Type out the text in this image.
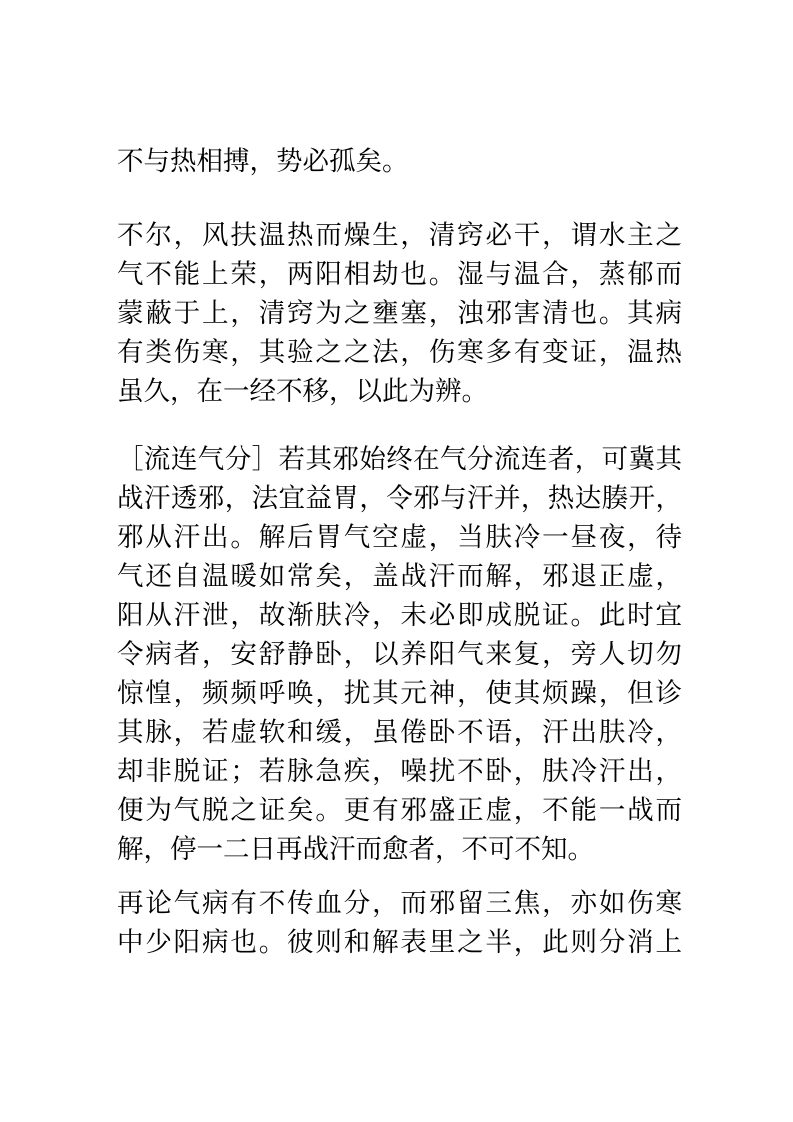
不与热相搏，势必孤矣。
不尔，风扶温热而燥生，清窍必干，谓水主之
气不能上荣，两阳相劫也。湿与温合，蒸郁而
蒙蔽于上，清窍为之壅塞，浊邪害清也。其病
有类伤寒，其验之之法，伤寒多有变证，温热
虽久，在一经不移，以此为辨。
［流连气分］若其邪始终在气分流连者，可冀其
战汗透邪，法宜益胃，令邪与汗并，热达腠开，
邪从汗出。解后胃气空虚，当肤冷一昼夜，待
气还自温暖如常矣，盖战汗而解，邪退正虚，
阳从汗泄，故渐肤冷，未必即成脱证。此时宜
令病者，安舒静卧，以养阳气来复，旁人切勿
惊惶，频频呼唤，扰其元神，使其烦躁，但诊
其脉，若虚软和缓，虽倦卧不语，汗出肤冷，
却非脱证；若脉急疾，噪扰不卧，肤冷汗出，
便为气脱之证矣。更有邪盛正虚，不能一战而
解，停一二日再战汗而愈者，不可不知。
再论气病有不传血分，而邪留三焦，亦如伤寒
中少阳病也。彼则和解表里之半，此则分消上
